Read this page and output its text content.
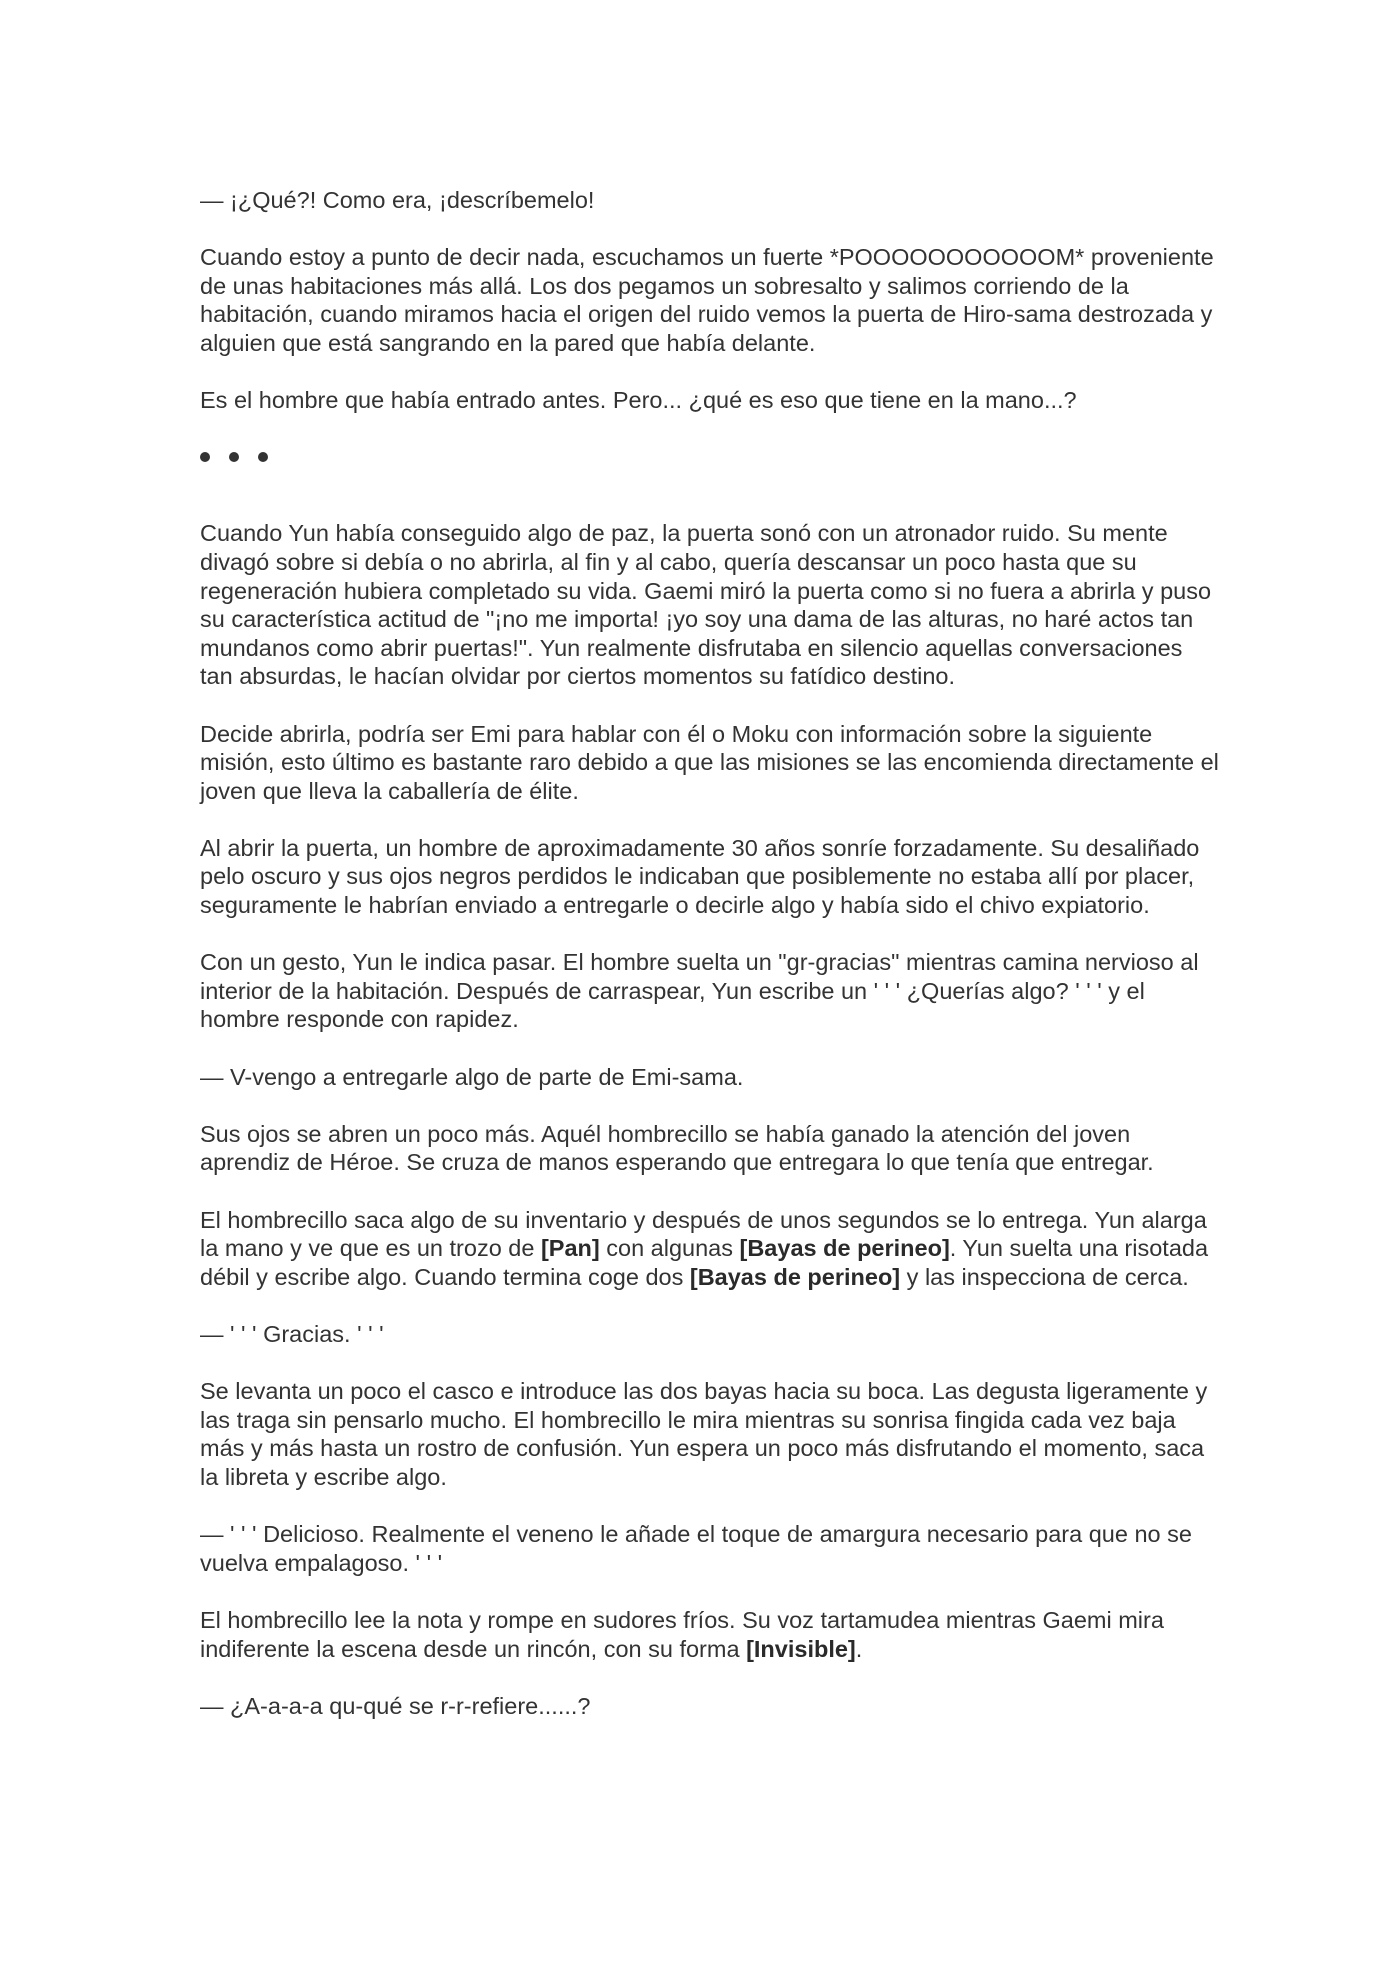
— ¡¿Qué?! Como era, ¡descríbemelo!

Cuando estoy a punto de decir nada, escuchamos un fuerte *POOOOOOOOOOOM* proveniente de unas habitaciones más allá. Los dos pegamos un sobresalto y salimos corriendo de la habitación, cuando miramos hacia el origen del ruido vemos la puerta de Hiro-sama destrozada y alguien que está sangrando en la pared que había delante.

Es el hombre que había entrado antes. Pero... ¿qué es eso que tiene en la mano...?

Cuando Yun había conseguido algo de paz, la puerta sonó con un atronador ruido. Su mente divagó sobre si debía o no abrirla, al fin y al cabo, quería descansar un poco hasta que su regeneración hubiera completado su vida. Gaemi miró la puerta como si no fuera a abrirla y puso su característica actitud de "¡no me importa! ¡yo soy una dama de las alturas, no haré actos tan mundanos como abrir puertas!". Yun realmente disfrutaba en silencio aquellas conversaciones tan absurdas, le hacían olvidar por ciertos momentos su fatídico destino.

Decide abrirla, podría ser Emi para hablar con él o Moku con información sobre la siguiente misión, esto último es bastante raro debido a que las misiones se las encomienda directamente el joven que lleva la caballería de élite.

Al abrir la puerta, un hombre de aproximadamente 30 años sonríe forzadamente. Su desaliñado pelo oscuro y sus ojos negros perdidos le indicaban que posiblemente no estaba allí por placer, seguramente le habrían enviado a entregarle o decirle algo y había sido el chivo expiatorio.

Con un gesto, Yun le indica pasar. El hombre suelta un "gr-gracias" mientras camina nervioso al interior de la habitación. Después de carraspear, Yun escribe un ' ' ' ¿Querías algo? ' ' ' y el hombre responde con rapidez.

— V-vengo a entregarle algo de parte de Emi-sama.

Sus ojos se abren un poco más. Aquél hombrecillo se había ganado la atención del joven aprendiz de Héroe. Se cruza de manos esperando que entregara lo que tenía que entregar.

El hombrecillo saca algo de su inventario y después de unos segundos se lo entrega. Yun alarga la mano y ve que es un trozo de [Pan] con algunas [Bayas de perineo]. Yun suelta una risotada débil y escribe algo. Cuando termina coge dos [Bayas de perineo] y las inspecciona de cerca.

— ' ' ' Gracias. ' ' '

Se levanta un poco el casco e introduce las dos bayas hacia su boca. Las degusta ligeramente y las traga sin pensarlo mucho. El hombrecillo le mira mientras su sonrisa fingida cada vez baja más y más hasta un rostro de confusión. Yun espera un poco más disfrutando el momento, saca la libreta y escribe algo.

— ' ' ' Delicioso. Realmente el veneno le añade el toque de amargura necesario para que no se vuelva empalagoso. ' ' '

El hombrecillo lee la nota y rompe en sudores fríos. Su voz tartamudea mientras Gaemi mira indiferente la escena desde un rincón, con su forma [Invisible].

— ¿A-a-a-a qu-qué se r-r-refiere......?
